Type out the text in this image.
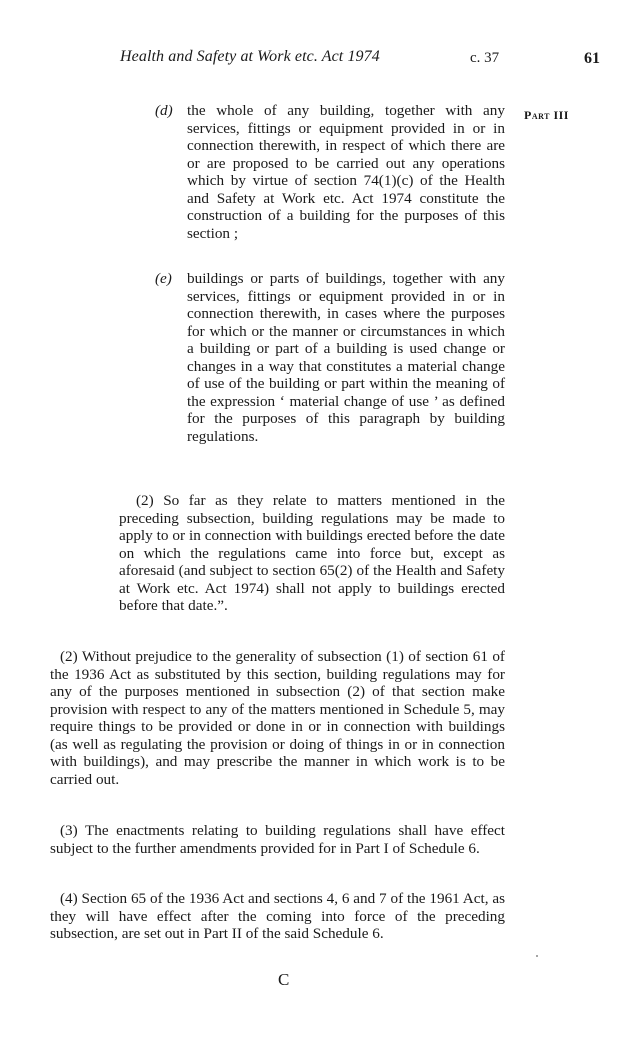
Health and Safety at Work etc. Act 1974	c. 37	61
Part III
(d) the whole of any building, together with any services, fittings or equipment provided in or in connection therewith, in respect of which there are or are proposed to be carried out any operations which by virtue of section 74(1)(c) of the Health and Safety at Work etc. Act 1974 constitute the construction of a building for the purposes of this section ;
(e) buildings or parts of buildings, together with any services, fittings or equipment provided in or in connection therewith, in cases where the purposes for which or the manner or circumstances in which a building or part of a building is used change or changes in a way that constitutes a material change of use of the building or part within the meaning of the expression ‘ material change of use ’ as defined for the purposes of this paragraph by building regulations.
(2) So far as they relate to matters mentioned in the preceding subsection, building regulations may be made to apply to or in connection with buildings erected before the date on which the regulations came into force but, except as aforesaid (and subject to section 65(2) of the Health and Safety at Work etc. Act 1974) shall not apply to buildings erected before that date.”.
(2) Without prejudice to the generality of subsection (1) of section 61 of the 1936 Act as substituted by this section, building regulations may for any of the purposes mentioned in subsection (2) of that section make provision with respect to any of the matters mentioned in Schedule 5, may require things to be provided or done in or in connection with buildings (as well as regulating the provision or doing of things in or in connection with buildings), and may prescribe the manner in which work is to be carried out.
(3) The enactments relating to building regulations shall have effect subject to the further amendments provided for in Part I of Schedule 6.
(4) Section 65 of the 1936 Act and sections 4, 6 and 7 of the 1961 Act, as they will have effect after the coming into force of the preceding subsection, are set out in Part II of the said Schedule 6.
C
